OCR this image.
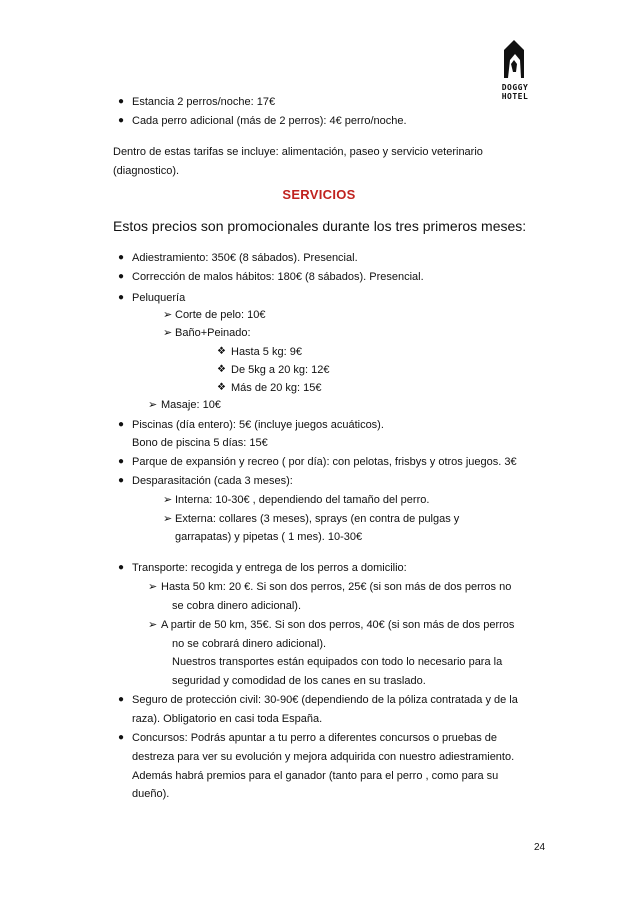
DOGGY HOTEL
● Estancia 2 perros/noche: 17€
● Cada perro adicional (más de 2 perros): 4€ perro/noche.
Dentro de estas tarifas se incluye: alimentación, paseo y servicio veterinario
(diagnostico).
SERVICIOS
Estos precios son promocionales durante los tres primeros meses:
● Adiestramiento: 350€ (8 sábados). Presencial.
● Corrección de malos hábitos: 180€ (8 sábados). Presencial.
● Peluquería
➢ Corte de pelo: 10€
➢ Baño+Peinado:
❖ Hasta 5 kg: 9€
❖ De 5kg a 20 kg: 12€
❖ Más de 20 kg: 15€
➢ Masaje: 10€
● Piscinas (día entero): 5€ (incluye juegos acuáticos).
Bono de piscina 5 días: 15€
● Parque de expansión y recreo ( por día): con pelotas, frisbys y otros juegos. 3€
● Desparasitación (cada 3 meses):
➢ Interna: 10-30€ , dependiendo del tamaño del perro.
➢ Externa: collares (3 meses), sprays (en contra de pulgas y
garrapatas) y pipetas ( 1 mes). 10-30€
● Transporte: recogida y entrega de los perros a domicilio:
➢ Hasta 50 km: 20 €. Si son dos perros, 25€ (si son más de dos perros no
se cobra dinero adicional).
➢ A partir de 50 km, 35€. Si son dos perros, 40€ (si son más de dos perros
no se cobrará dinero adicional).
Nuestros transportes están equipados con todo lo necesario para la
seguridad y comodidad de los canes en su traslado.
● Seguro de protección civil: 30-90€ (dependiendo de la póliza contratada y de la
raza). Obligatorio en casi toda España.
● Concursos: Podrás apuntar a tu perro a diferentes concursos o pruebas de
destreza para ver su evolución y mejora adquirida con nuestro adiestramiento.
Además habrá premios para el ganador (tanto para el perro , como para su
dueño).
24
